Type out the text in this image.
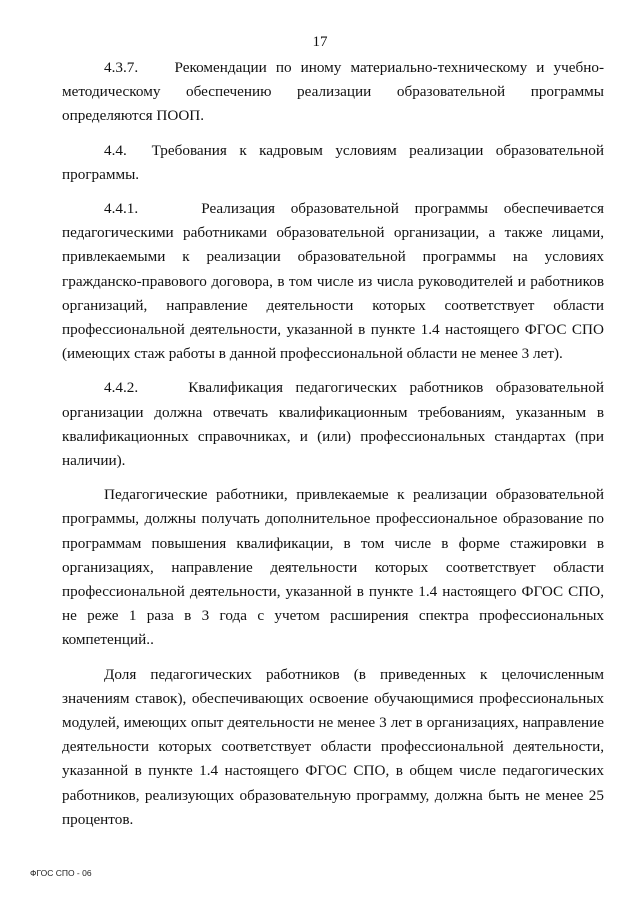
17

4.3.7.    Рекомендации по иному материально-техническому и учебно-методическому обеспечению реализации образовательной программы определяются ПООП.

4.4.  Требования к кадровым условиям реализации образовательной программы.

4.4.1.    Реализация образовательной программы обеспечивается педагогическими работниками образовательной организации, а также лицами, привлекаемыми к реализации образовательной программы на условиях гражданско-правового договора, в том числе из числа руководителей и работников организаций, направление деятельности которых соответствует области профессиональной деятельности, указанной в пункте 1.4 настоящего ФГОС СПО (имеющих стаж работы в данной профессиональной области не менее 3 лет).

4.4.2.    Квалификация педагогических работников образовательной организации должна отвечать квалификационным требованиям, указанным в квалификационных справочниках, и (или) профессиональных стандартах (при наличии).

Педагогические работники, привлекаемые к реализации образовательной программы, должны получать дополнительное профессиональное образование по программам повышения квалификации, в том числе в форме стажировки в организациях, направление деятельности которых соответствует области профессиональной деятельности, указанной в пункте 1.4 настоящего ФГОС СПО, не реже 1 раза в 3 года с учетом расширения спектра профессиональных компетенций..

Доля педагогических работников (в приведенных к целочисленным значениям ставок), обеспечивающих освоение обучающимися профессиональных модулей, имеющих опыт деятельности не менее 3 лет в организациях, направление деятельности которых соответствует области профессиональной деятельности, указанной в пункте 1.4 настоящего ФГОС СПО, в общем числе педагогических работников, реализующих образовательную программу, должна быть не менее 25 процентов.

ФГОС СПО - 06
